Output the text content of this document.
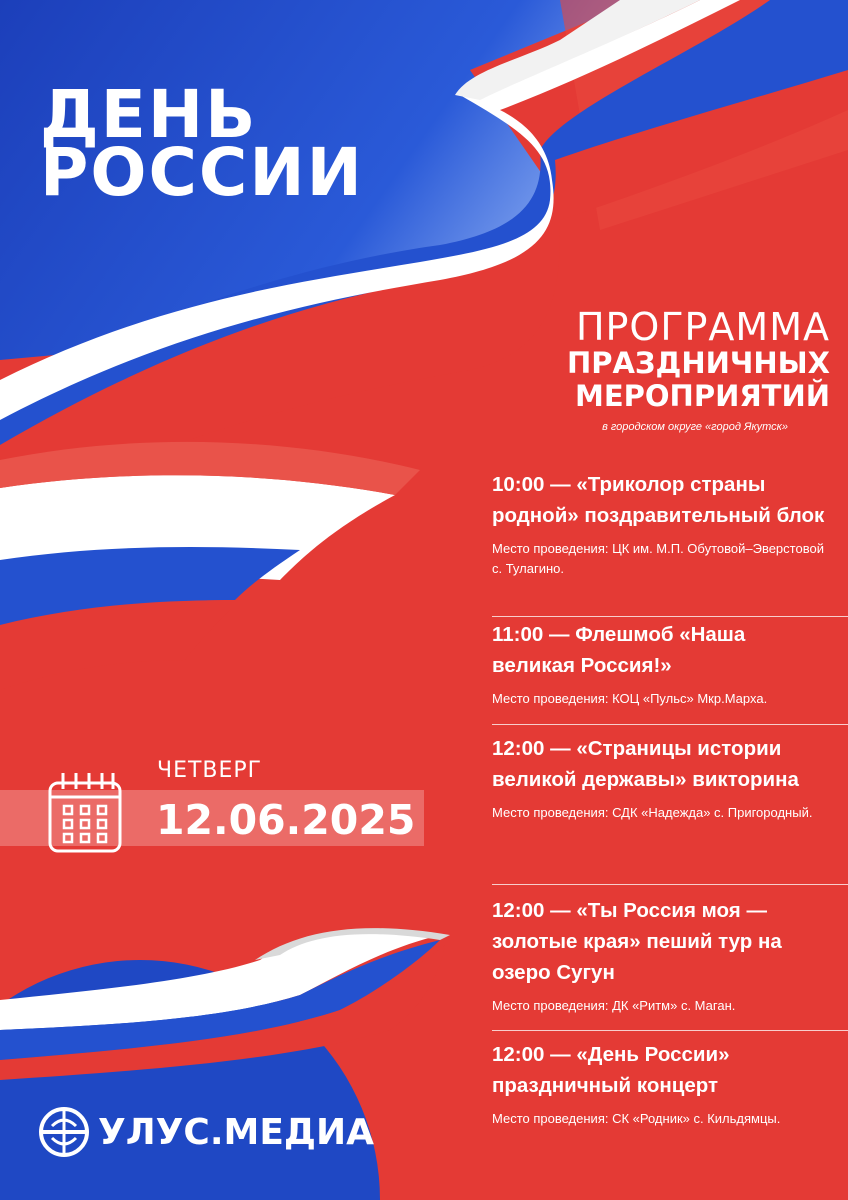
ДЕНЬ
РОССИИ
ПРОГРАММА
ПРАЗДНИЧНЫХ
МЕРОПРИЯТИЙ
в городском округе «город Якутск»
10:00 — «Триколор страны родной» поздравительный блок
Место проведения: ЦК им. М.П. Обутовой–Эверстовой с. Тулагино.
11:00 — Флешмоб «Наша великая Россия!»
Место проведения: КОЦ «Пульс» Мкр.Марха.
12:00 — «Страницы истории великой державы» викторина
Место проведения: СДК «Надежда» с. Пригородный.
12:00 — «Ты Россия моя — золотые края» пеший тур на озеро Сугун
Место проведения: ДК «Ритм» с. Маган.
12:00 — «День России» праздничный концерт
Место проведения: СК «Родник» с. Кильдямцы.
ЧЕТВЕРГ
12.06.2025
УЛУС.МЕДИА
